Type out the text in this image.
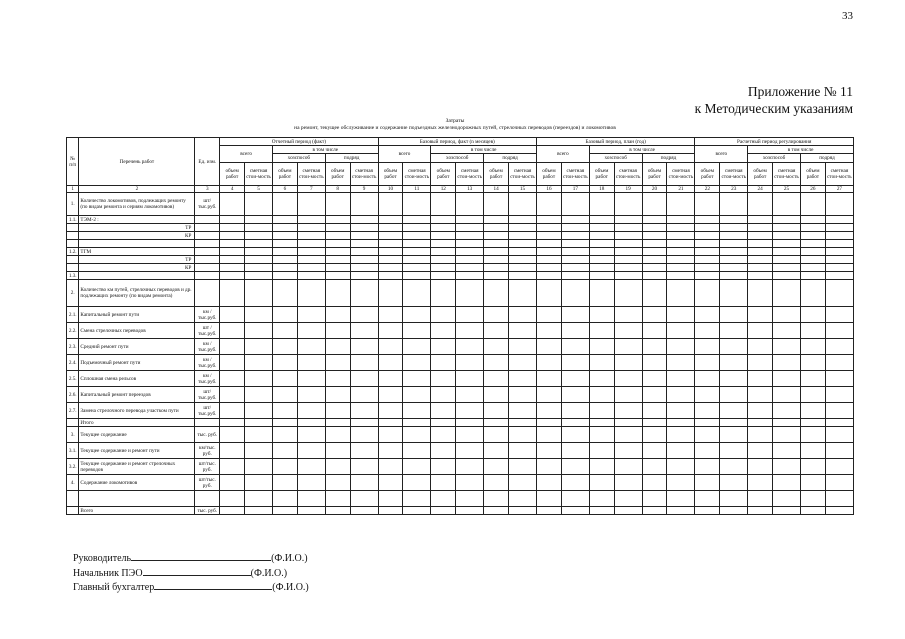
33
Приложение № 11
к Методическим указаниям
Затраты
на ремонт, текущее обслуживание и содержание подъездных железнодорожных путей, стрелочных переводов (переездов) и локомотивов
№ п/п	Перечень работ	Ед. изм.	Отчетный период (факт)						Базовый период, факт (n месяцев)						Базовый период, план (год)						Расчетный период регулирования					
			всего		в том числе				всего		в том числе				всего		в том числе				всего		в том числе			
					хозспособ		подряд				хозспособ		подряд				хозспособ		подряд				хозспособ		подряд	
			объем работ	сметная стои-мость	объем работ	сметная стои-мость	объем работ	сметная стои-мость	объем работ	сметная стои-мость	объем работ	сметная стои-мость	объем работ	сметная стои-мость	объем работ	сметная стои-мость	объем работ	сметная стои-мость	объем работ	сметная стои-мость	объем работ	сметная стои-мость	объем работ	сметная стои-мость	объем работ	сметная стои-мость
1	2	3	4	5	6	7	8	9	10	11	12	13	14	15	16	17	18	19	20	21	22	23	24	25	26	27
1.	Количество локомотивов, подлежащих ремонту (по видам ремонта и сериям локомотивов)	шт/ тыс.руб.																								
1.1.	ТЭМ-2 :																									
	ТР																									
	КР																									

1.2.	ТГМ																									
	ТР																									
	КР																									
1.3.																										
2.	Количество км путей, стрелочных переводов и др. подлежащих ремонту (по видам ремонта)																									
2.1.	Капитальный ремонт пути	км / тыс.руб.																								
2.2.	Смена стрелочных переводов	шт / тыс.руб.																								
2.3.	Средний ремонт пути	км / тыс.руб.																								
2.4.	Подъемочный ремонт пути	км / тыс.руб.																								
2.5.	Сплошная смена рельсов	км / тыс.руб.																								
2.6.	Капитальный ремонт переездов	шт/ тыс.руб.																								
2.7.	Замена стрелочного перевода участком пути	шт/ тыс.руб.																								
	Итого																									
3.	Текущее содержание	тыс. руб.																								
3.1.	Текущее содержание и ремонт пути	км/тыс. руб.																								
3.2.	Текущее содержание и ремонт стрелочных переводов	шт/тыс. руб.																								
4.	Содержание локомотивов	шт/тыс. руб.																								

	Всего	тыс. руб.																								
Руководитель	(Ф.И.О.)
Начальник ПЭО	(Ф.И.О.)
Главный бухгалтер	(Ф.И.О.)
